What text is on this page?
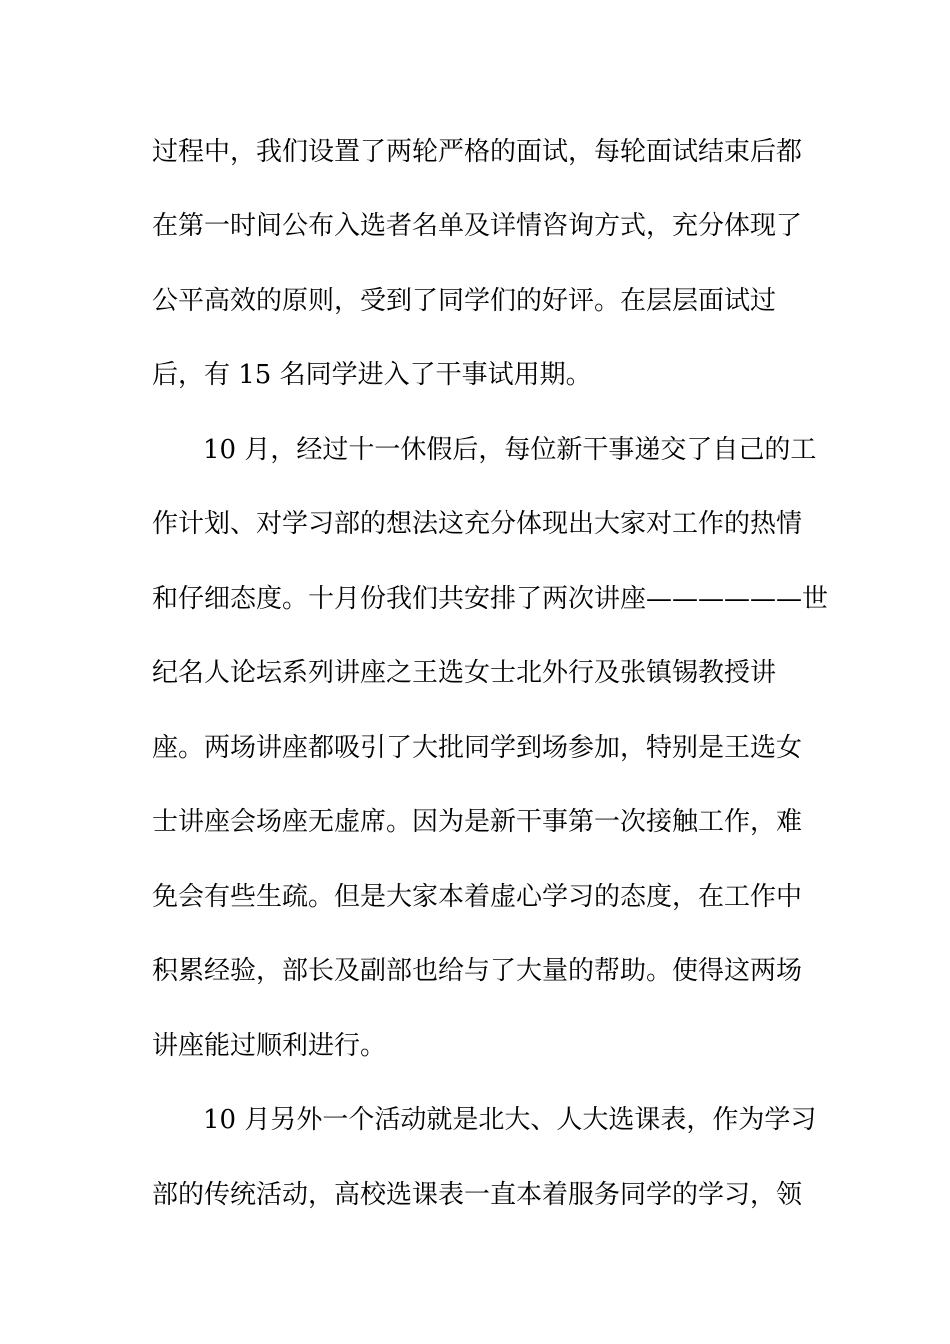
过程中，我们设置了两轮严格的面试，每轮面试结束后都
在第一时间公布入选者名单及详情咨询方式，充分体现了
公平高效的原则，受到了同学们的好评。在层层面试过
后，有 15 名同学进入了干事试用期。
10 月，经过十一休假后，每位新干事递交了自己的工
作计划、对学习部的想法这充分体现出大家对工作的热情
和仔细态度。十月份我们共安排了两次讲座——————世
纪名人论坛系列讲座之王选女士北外行及张镇锡教授讲
座。两场讲座都吸引了大批同学到场参加，特别是王选女
士讲座会场座无虚席。因为是新干事第一次接触工作，难
免会有些生疏。但是大家本着虚心学习的态度，在工作中
积累经验，部长及副部也给与了大量的帮助。使得这两场
讲座能过顺利进行。
10 月另外一个活动就是北大、人大选课表，作为学习
部的传统活动，高校选课表一直本着服务同学的学习，领
